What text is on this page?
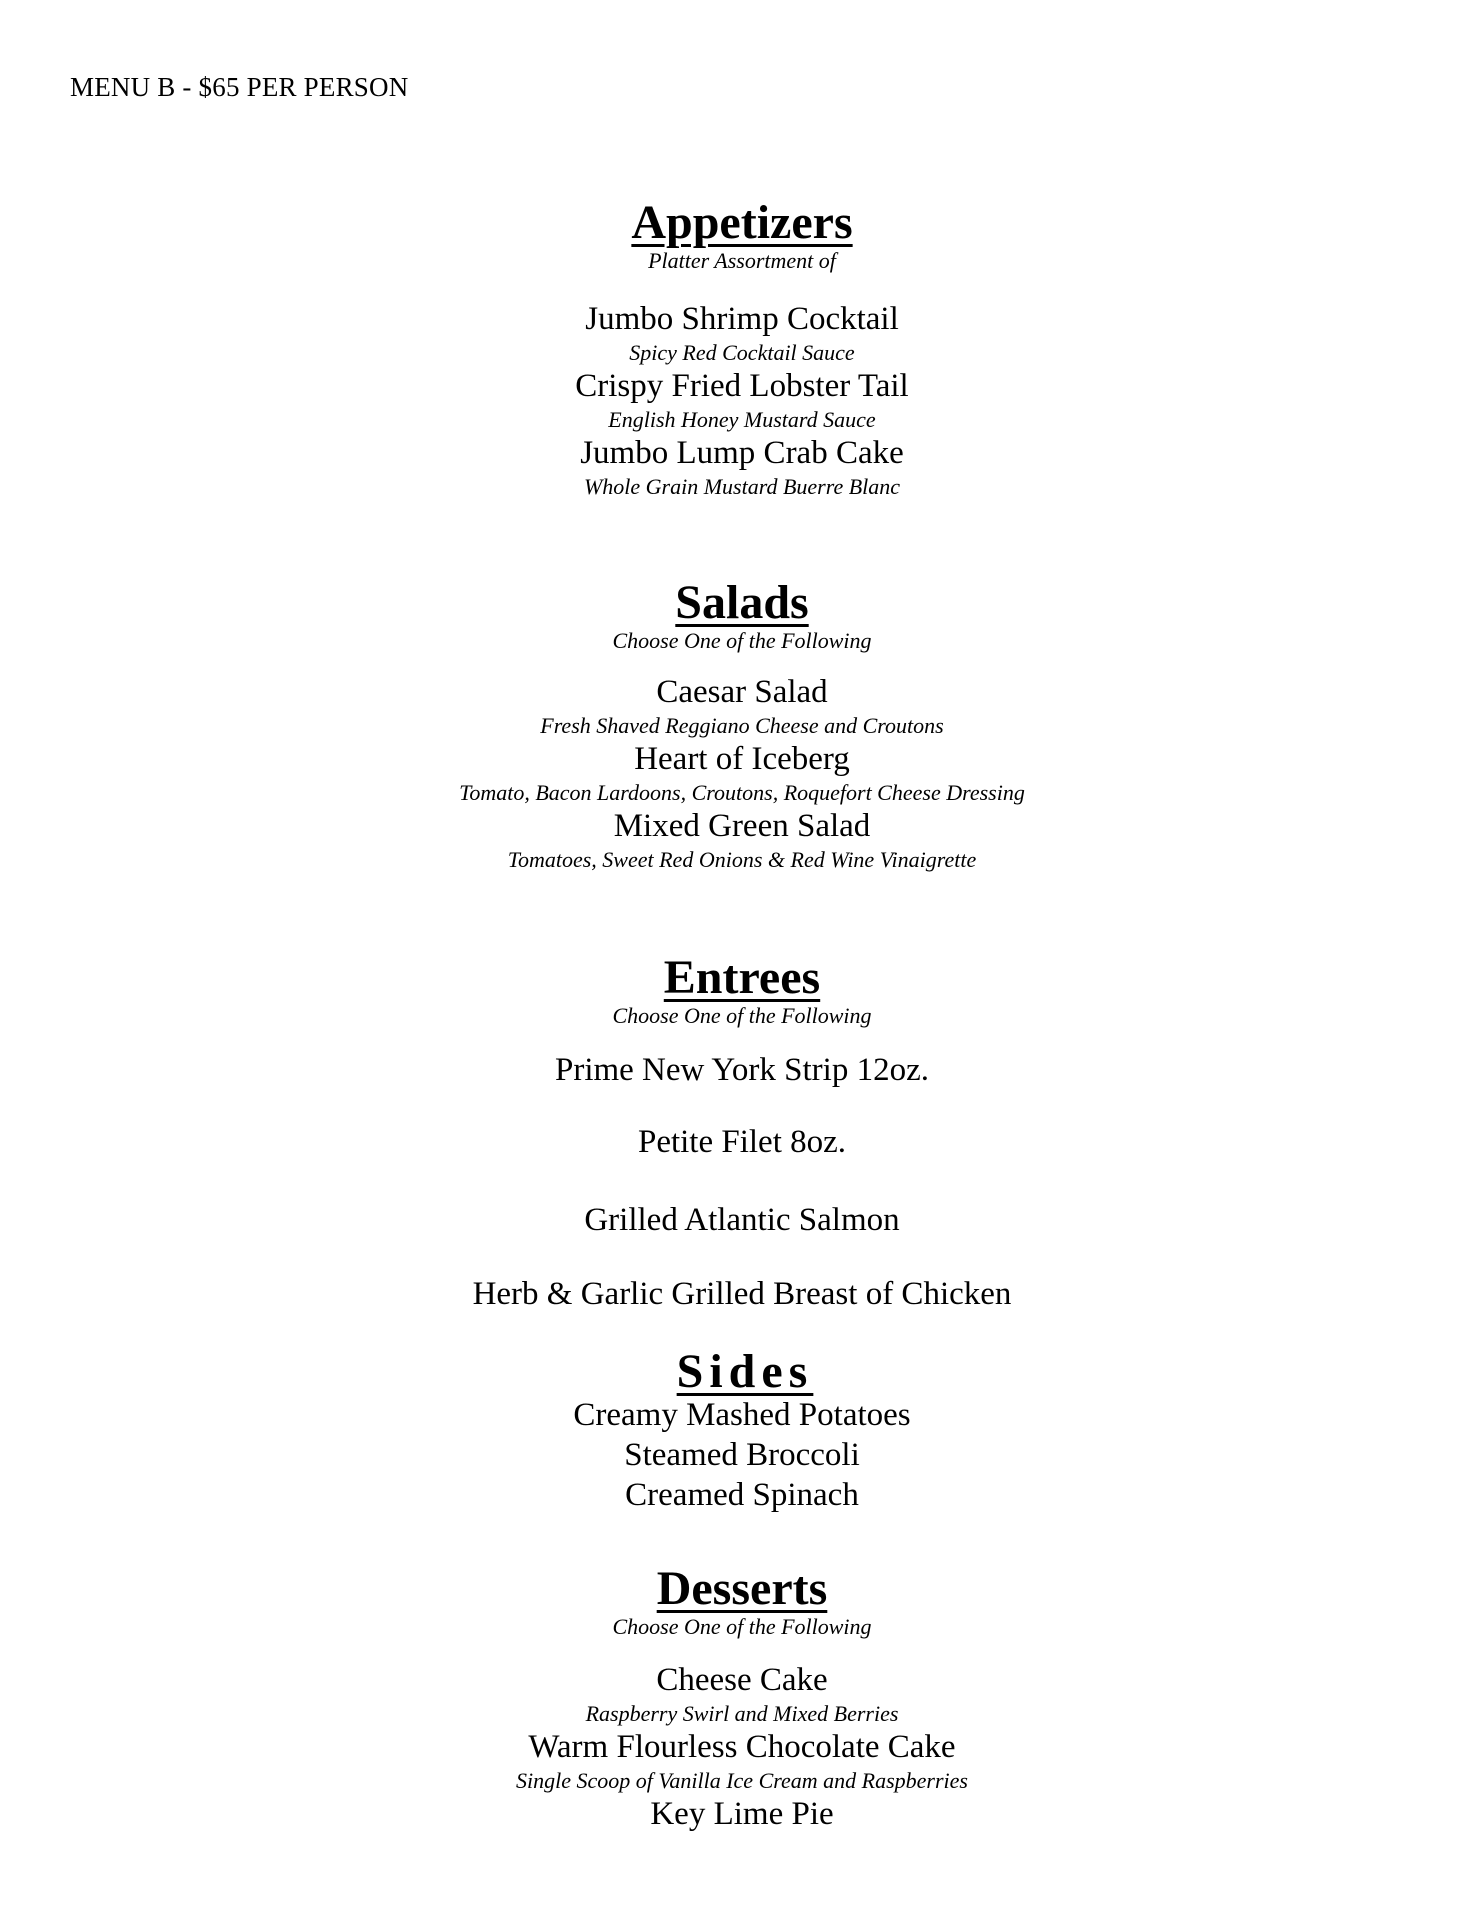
MENU B - $65 PER PERSON
Appetizers
Platter Assortment of
Jumbo Shrimp Cocktail
Spicy Red Cocktail Sauce
Crispy Fried Lobster Tail
English Honey Mustard Sauce
Jumbo Lump Crab Cake
Whole Grain Mustard Buerre Blanc
Salads
Choose One of the Following
Caesar Salad
Fresh Shaved Reggiano Cheese and Croutons
Heart of Iceberg
Tomato, Bacon Lardoons, Croutons, Roquefort Cheese Dressing
Mixed Green Salad
Tomatoes, Sweet Red Onions & Red Wine Vinaigrette
Entrees
Choose One of the Following
Prime New York Strip 12oz.
Petite Filet 8oz.
Grilled Atlantic Salmon
Herb & Garlic Grilled Breast of Chicken
Sides
Creamy Mashed Potatoes
Steamed Broccoli
Creamed Spinach
Desserts
Choose One of the Following
Cheese Cake
Raspberry Swirl and Mixed Berries
Warm Flourless Chocolate Cake
Single Scoop of Vanilla Ice Cream and Raspberries
Key Lime Pie
